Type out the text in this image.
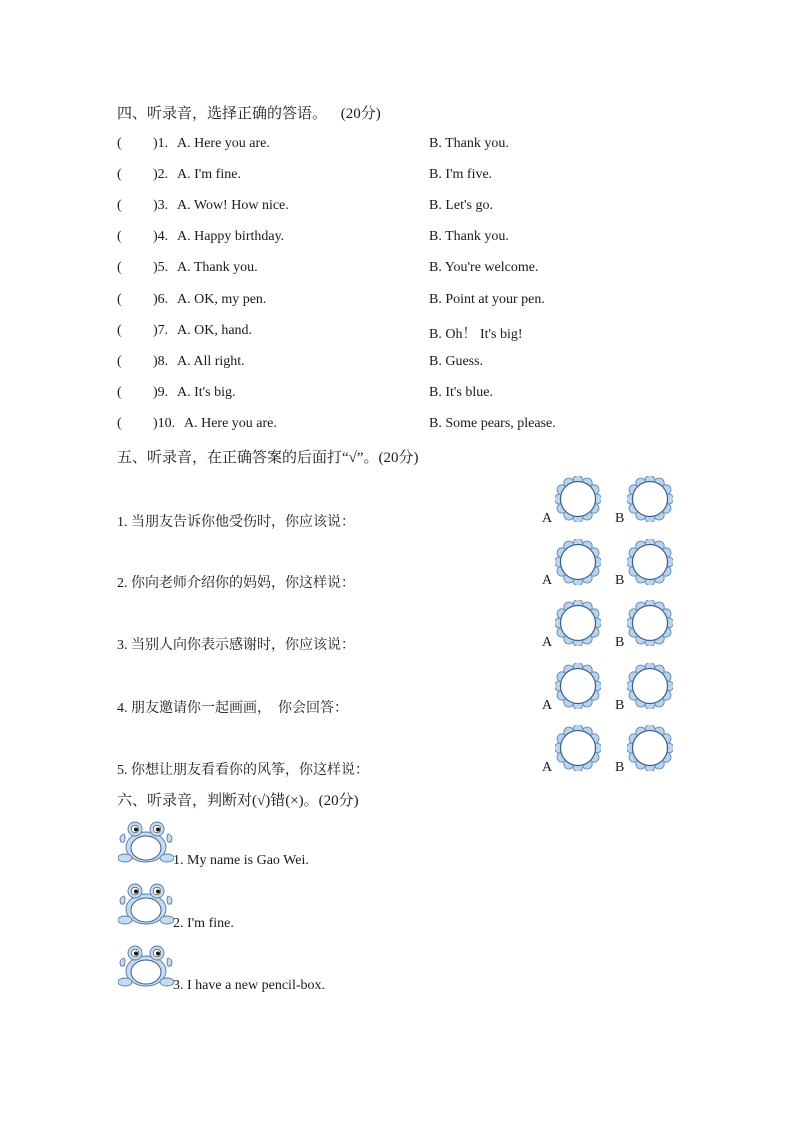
四、听录音，选择正确的答语。 (20分)
( )1. A. Here you are.	B. Thank you.
( )2. A. I'm fine.	B. I'm five.
( )3. A. Wow! How nice.	B. Let's go.
( )4. A. Happy birthday.	B. Thank you.
( )5. A. Thank you.	B. You're welcome.
( )6. A. OK, my pen.	B. Point at your pen.
( )7. A. OK, hand.	B. Oh！ It's big!
( )8. A. All right.	B. Guess.
( )9. A. It's big.	B. It's blue.
( )10. A. Here you are.	B. Some pears, please.
五、听录音，在正确答案的后面打“√”。(20分)
1. 当朋友告诉你他受伤时，你应该说：	A	B
2. 你向老师介绍你的妈妈，你这样说：	A	B
3. 当别人向你表示感谢时，你应该说：	A	B
4. 朋友邀请你一起画画，　你会回答：	A	B
5. 你想让朋友看看你的风筝，你这样说：	A	B
六、听录音，判断对(√)错(×)。(20分)
1. My name is Gao Wei.
2. I'm fine.
3. I have a new pencil-box.
